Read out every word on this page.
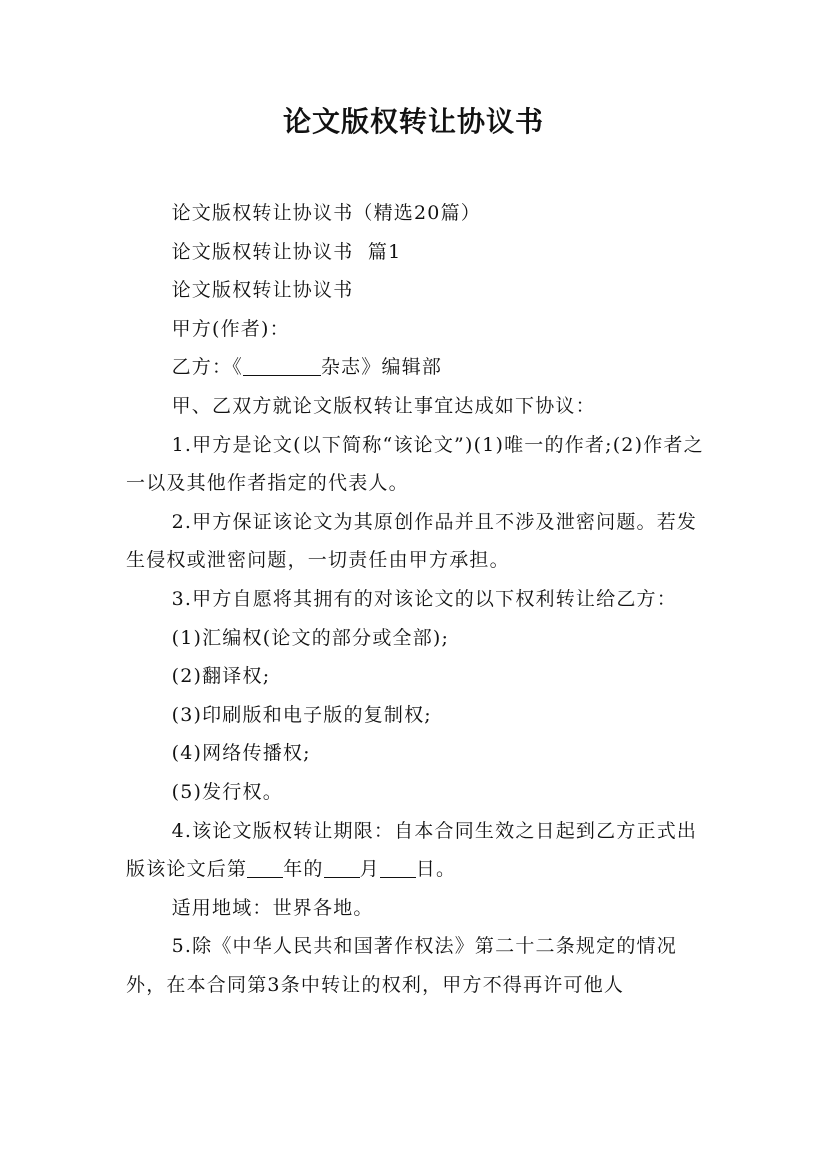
论文版权转让协议书

论文版权转让协议书（精选20篇）

论文版权转让协议书  篇1

论文版权转让协议书

甲方(作者)：

乙方：《	杂志》编辑部

甲、乙双方就论文版权转让事宜达成如下协议：

1.甲方是论文(以下简称“该论文”)(1)唯一的作者;(2)作者之一以及其他作者指定的代表人。

2.甲方保证该论文为其原创作品并且不涉及泄密问题。若发生侵权或泄密问题，一切责任由甲方承担。

3.甲方自愿将其拥有的对该论文的以下权利转让给乙方：

(1)汇编权(论文的部分或全部);

(2)翻译权;

(3)印刷版和电子版的复制权;

(4)网络传播权;

(5)发行权。

4.该论文版权转让期限：自本合同生效之日起到乙方正式出版该论文后第 年的 月 日。

适用地域：世界各地。

5.除《中华人民共和国著作权法》第二十二条规定的情况外，在本合同第3条中转让的权利，甲方不得再许可他人
